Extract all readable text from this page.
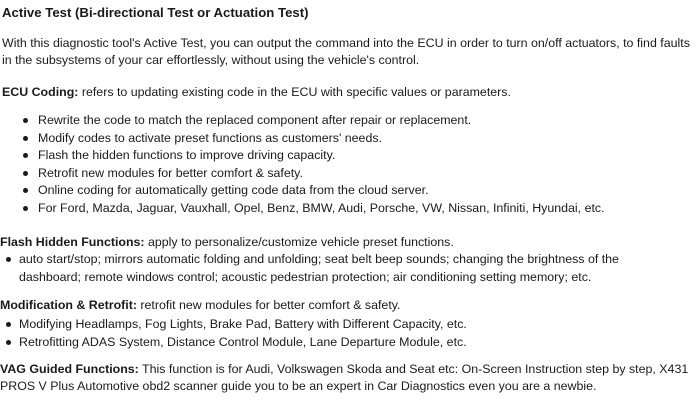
Active Test (Bi-directional Test or Actuation Test)

With this diagnostic tool's Active Test, you can output the command into the ECU in order to turn on/off actuators, to find faults

in the subsystems of your car effortlessly, without using the vehicle's control.

ECU Coding: refers to updating existing code in the ECU with specific values or parameters.

Rewrite the code to match the replaced component after repair or replacement.
Modify codes to activate preset functions as customers' needs.
Flash the hidden functions to improve driving capacity.
Retrofit new modules for better comfort & safety.
Online coding for automatically getting code data from the cloud server.
For Ford, Mazda, Jaguar, Vauxhall, Opel, Benz, BMW, Audi, Porsche, VW, Nissan, Infiniti, Hyundai, etc.

Flash Hidden Functions: apply to personalize/customize vehicle preset functions.

auto start/stop; mirrors automatic folding and unfolding; seat belt beep sounds; changing the brightness of the
dashboard; remote windows control; acoustic pedestrian protection; air conditioning setting memory; etc.

Modification & Retrofit: retrofit new modules for better comfort & safety.

Modifying Headlamps, Fog Lights, Brake Pad, Battery with Different Capacity, etc.
Retrofitting ADAS System, Distance Control Module, Lane Departure Module, etc.

VAG Guided Functions: This function is for Audi, Volkswagen Skoda and Seat etc: On-Screen Instruction step by step, X431

PROS V Plus Automotive obd2 scanner guide you to be an expert in Car Diagnostics even you are a newbie.
